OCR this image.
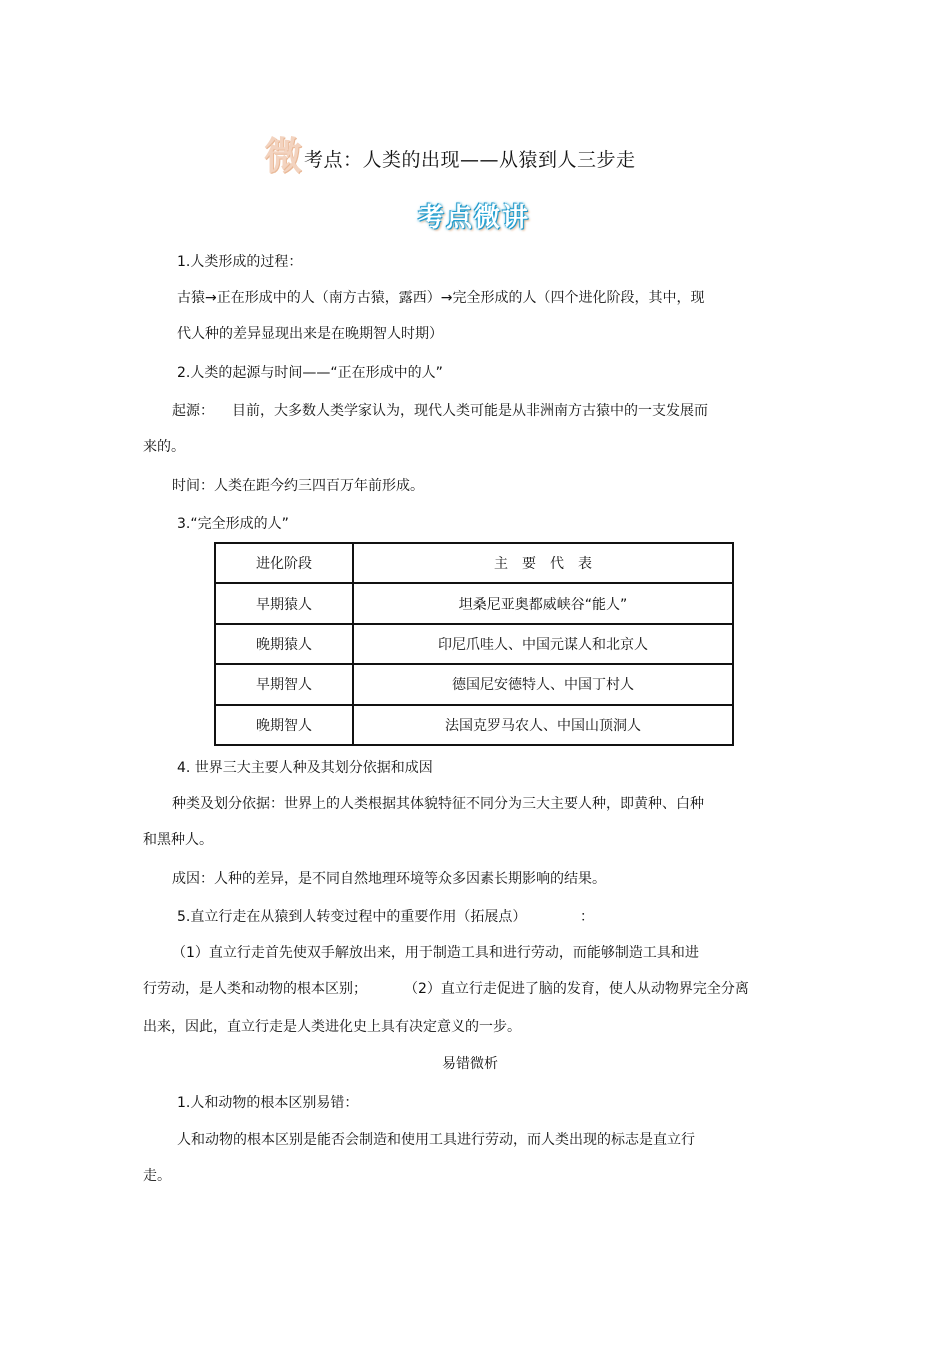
微 考点：人类的出现——从猿到人三步走
考点微讲
1.人类形成的过程：
古猿→正在形成中的人（南方古猿，露西）→完全形成的人（四个进化阶段，其中，现
代人种的差异显现出来是在晚期智人时期）
2.人类的起源与时间——“正在形成中的人”
起源： 目前，大多数人类学家认为，现代人类可能是从非洲南方古猿中的一支发展而
来的。
时间：人类在距今约三四百万年前形成。
3.“完全形成的人”
进化阶段	主要代表
早期猿人	坦桑尼亚奥都威峡谷“能人”
晚期猿人	印尼爪哇人、中国元谋人和北京人
早期智人	德国尼安德特人、中国丁村人
晚期智人	法国克罗马农人、中国山顶洞人
4. 世界三大主要人种及其划分依据和成因
种类及划分依据：世界上的人类根据其体貌特征不同分为三大主要人种，即黄种、白种
和黑种人。
成因：人种的差异，是不同自然地理环境等众多因素长期影响的结果。
5.直立行走在从猿到人转变过程中的重要作用（拓展点）	：
（1）直立行走首先使双手解放出来，用于制造工具和进行劳动，而能够制造工具和进
行劳动，是人类和动物的根本区别；	（2）直立行走促进了脑的发育，使人从动物界完全分离
出来，因此，直立行走是人类进化史上具有决定意义的一步。
易错微析
1.人和动物的根本区别易错：
人和动物的根本区别是能否会制造和使用工具进行劳动，而人类出现的标志是直立行
走。
